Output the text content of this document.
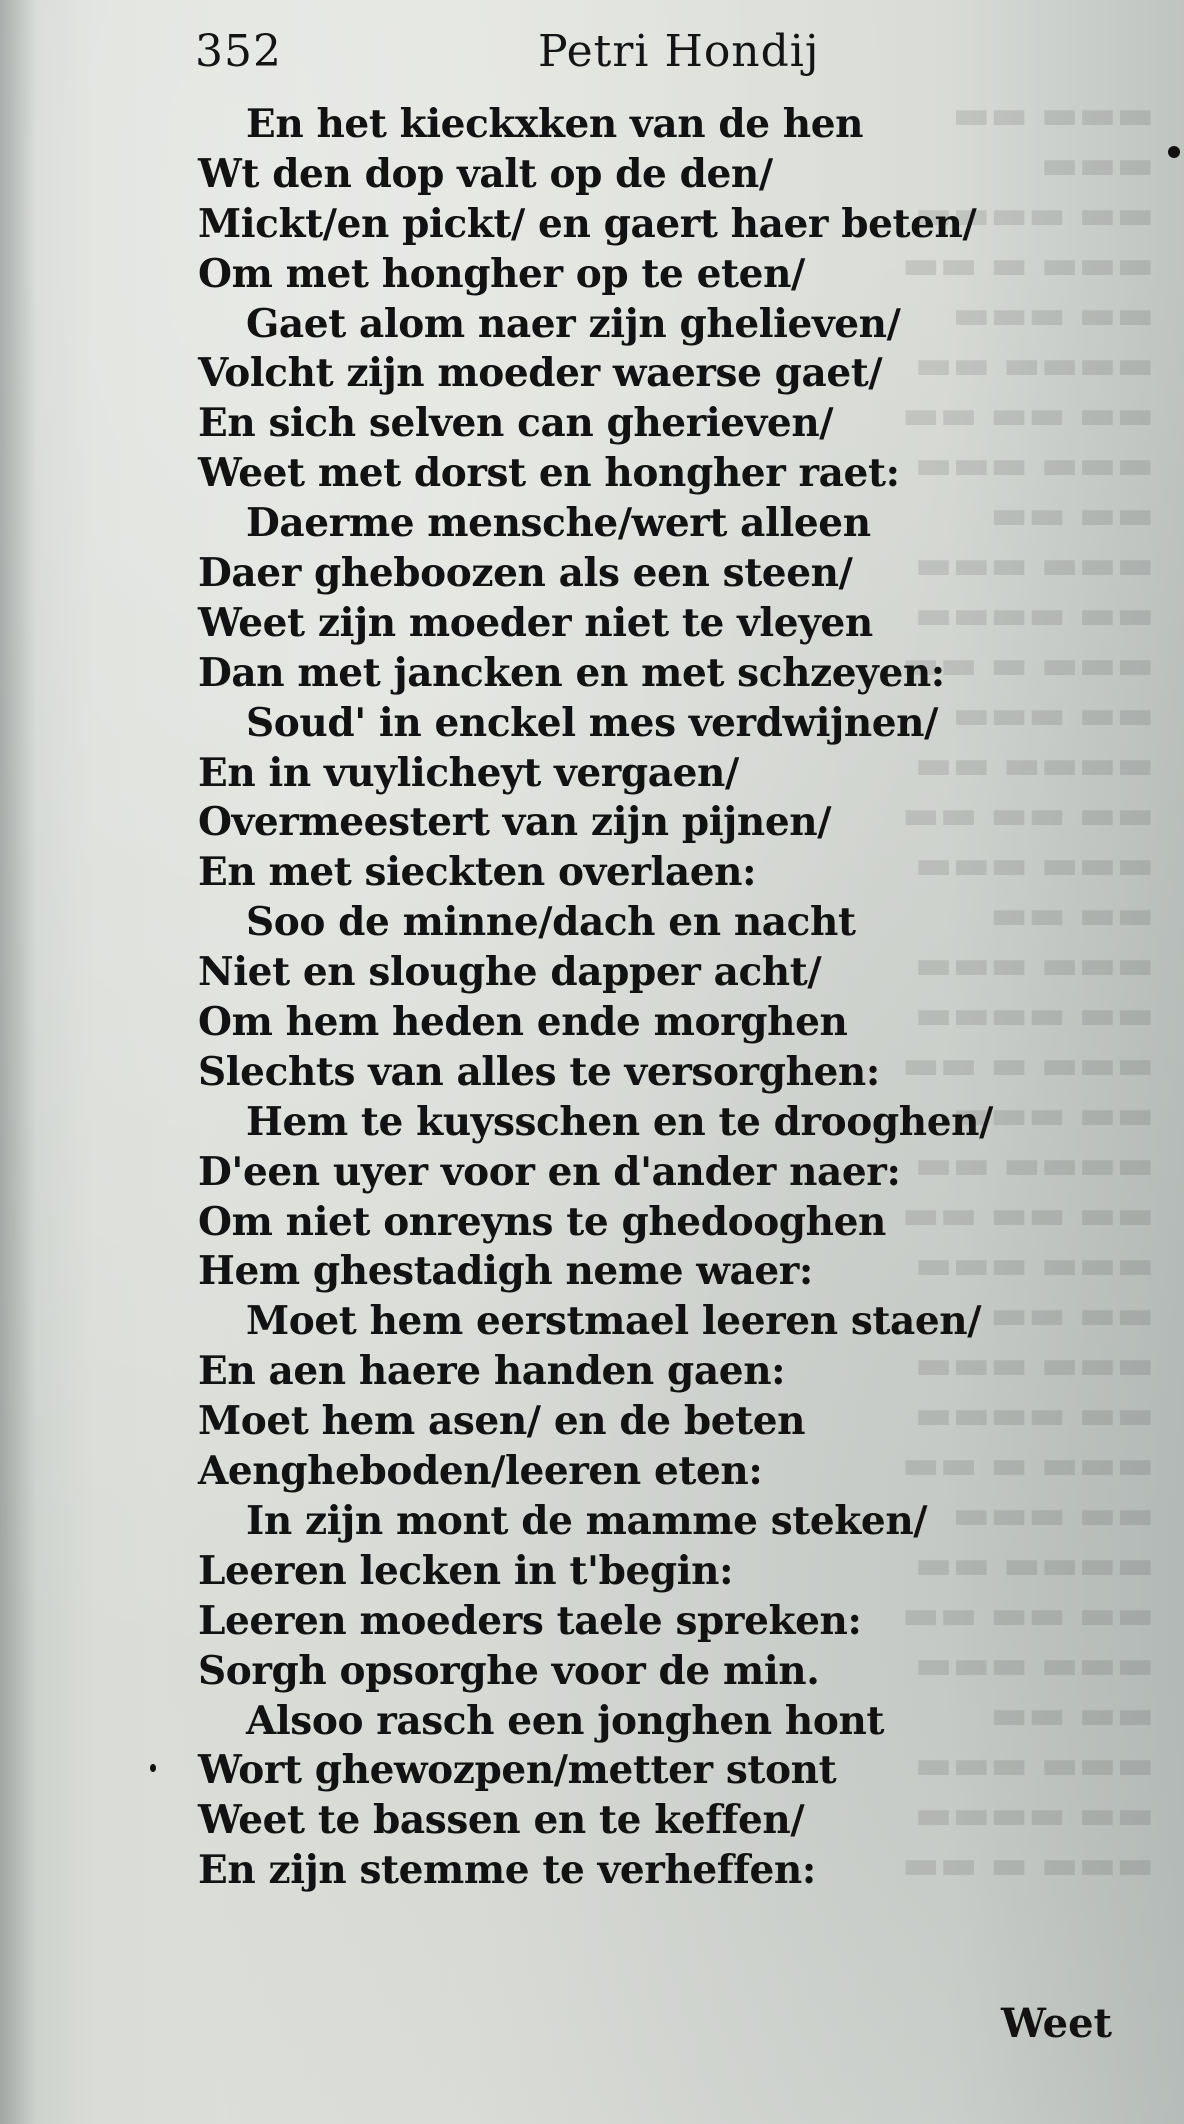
▬▬▬ ▬▬ ▬▬▬
▬▬ ▬▬▬▬
▬▬▬ ▬ ▬▬
▬▬ ▬▬▬
▬▬▬▬ ▬▬
▬▬ ▬▬ ▬▬
▬▬▬ ▬▬▬
▬▬ ▬▬
▬▬▬ ▬▬▬
▬▬ ▬▬▬▬
▬▬▬ ▬ ▬▬
▬▬ ▬▬▬
▬▬▬▬ ▬▬
▬▬ ▬▬ ▬▬
▬▬▬ ▬▬▬
▬▬ ▬▬
▬▬▬ ▬▬▬
▬▬ ▬▬▬▬
▬▬▬ ▬ ▬▬
▬▬ ▬▬▬
▬▬▬▬ ▬▬
▬▬ ▬▬ ▬▬
▬▬▬ ▬▬▬
▬▬ ▬▬
▬▬▬ ▬▬▬
▬▬ ▬▬▬▬
▬▬▬ ▬ ▬▬
▬▬ ▬▬▬
▬▬▬▬ ▬▬
▬▬ ▬▬ ▬▬
▬▬▬ ▬▬▬
▬▬ ▬▬
▬▬▬ ▬▬▬
▬▬ ▬▬▬▬
▬▬▬ ▬ ▬▬
352	Petri Hondij
En het kieckxken van de hen
Wt den dop valt op de den/
Mickt/en pickt/ en gaert haer beten/
Om met hongher op te eten/
Gaet alom naer zijn ghelieven/
Volcht zijn moeder waerse gaet/
En sich selven can gherieven/
Weet met dorst en hongher raet:
Daerme mensche/wert alleen
Daer gheboozen als een steen/
Weet zijn moeder niet te vleyen
Dan met jancken en met schzeyen:
Soud' in enckel mes verdwijnen/
En in vuylicheyt vergaen/
Overmeestert van zijn pijnen/
En met sieckten overlaen:
Soo de minne/dach en nacht
Niet en sloughe dapper acht/
Om hem heden ende morghen
Slechts van alles te versorghen:
Hem te kuysschen en te drooghen/
D'een uyer voor en d'ander naer:
Om niet onreyns te ghedooghen
Hem ghestadigh neme waer:
Moet hem eerstmael leeren staen/
En aen haere handen gaen:
Moet hem asen/ en de beten
Aengheboden/leeren eten:
In zijn mont de mamme steken/
Leeren lecken in t'begin:
Leeren moeders taele spreken:
Sorgh opsorghe voor de min.
Alsoo rasch een jonghen hont
Wort ghewozpen/metter stont
Weet te bassen en te keffen/
En zijn stemme te verheffen:
Weet
